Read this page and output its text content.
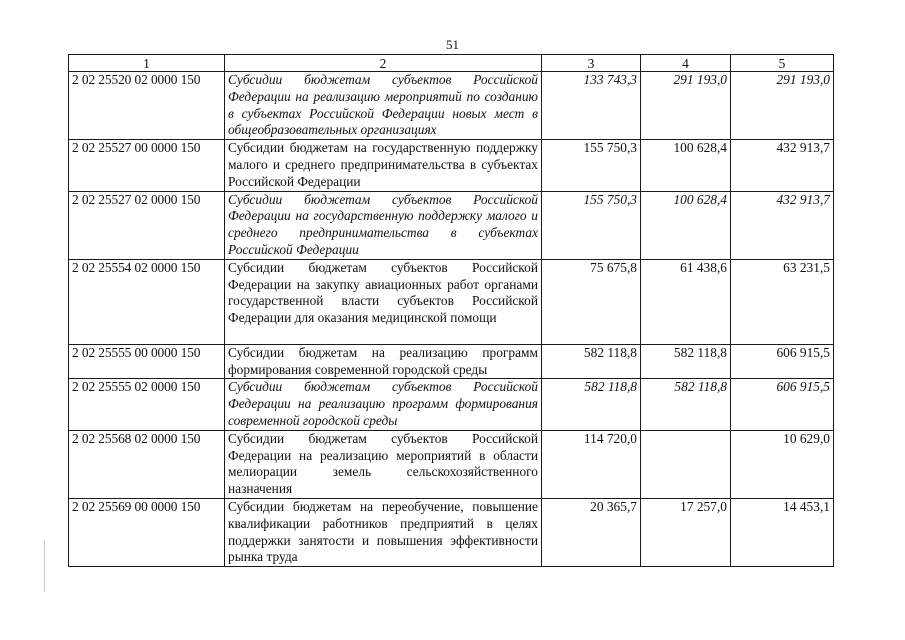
51
1	2	3	4	5
2 02 25520 02 0000 150	Субсидии бюджетам субъектов Российской Федерации на реализацию мероприятий по созданию в субъектах Российской Федерации новых мест в общеобразовательных организациях	133 743,3	291 193,0	291 193,0
2 02 25527 00 0000 150	Субсидии бюджетам на государственную поддержку малого и среднего предпринимательства в субъектах Российской Федерации	155 750,3	100 628,4	432 913,7
2 02 25527 02 0000 150	Субсидии бюджетам субъектов Российской Федерации на государственную поддержку малого и среднего предпринимательства в субъектах Российской Федерации	155 750,3	100 628,4	432 913,7
2 02 25554 02 0000 150	Субсидии бюджетам субъектов Российской Федерации на закупку авиационных работ органами государственной власти субъектов Российской Федерации для оказания медицинской помощи	75 675,8	61 438,6	63 231,5
2 02 25555 00 0000 150	Субсидии бюджетам на реализацию программ формирования современной городской среды	582 118,8	582 118,8	606 915,5
2 02 25555 02 0000 150	Субсидии бюджетам субъектов Российской Федерации на реализацию программ формирования современной городской среды	582 118,8	582 118,8	606 915,5
2 02 25568 02 0000 150	Субсидии бюджетам субъектов Российской Федерации на реализацию мероприятий в области мелиорации земель сельскохозяйственного назначения	114 720,0		10 629,0
2 02 25569 00 0000 150	Субсидии бюджетам на переобучение, повышение квалификации работников предприятий в целях поддержки занятости и повышения эффективности рынка труда	20 365,7	17 257,0	14 453,1
